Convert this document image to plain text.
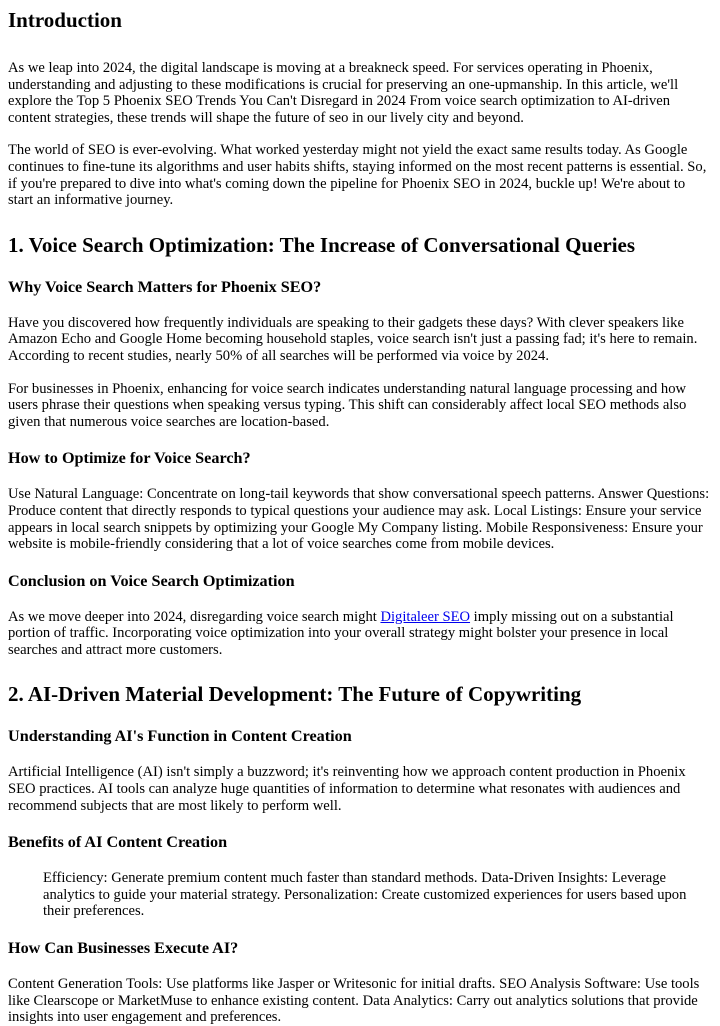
Introduction

As we leap into 2024, the digital landscape is moving at a breakneck speed. For services operating in Phoenix, understanding and adjusting to these modifications is crucial for preserving an one-upmanship. In this article, we'll explore the Top 5 Phoenix SEO Trends You Can't Disregard in 2024 From voice search optimization to AI-driven content strategies, these trends will shape the future of seo in our lively city and beyond.

The world of SEO is ever-evolving. What worked yesterday might not yield the exact same results today. As Google continues to fine-tune its algorithms and user habits shifts, staying informed on the most recent patterns is essential. So, if you're prepared to dive into what's coming down the pipeline for Phoenix SEO in 2024, buckle up! We're about to start an informative journey.

1. Voice Search Optimization: The Increase of Conversational Queries
Why Voice Search Matters for Phoenix SEO?

Have you discovered how frequently individuals are speaking to their gadgets these days? With clever speakers like Amazon Echo and Google Home becoming household staples, voice search isn't just a passing fad; it's here to remain. According to recent studies, nearly 50% of all searches will be performed via voice by 2024.

For businesses in Phoenix, enhancing for voice search indicates understanding natural language processing and how users phrase their questions when speaking versus typing. This shift can considerably affect local SEO methods also given that numerous voice searches are location-based.

How to Optimize for Voice Search?

Use Natural Language: Concentrate on long-tail keywords that show conversational speech patterns. Answer Questions: Produce content that directly responds to typical questions your audience may ask. Local Listings: Ensure your service appears in local search snippets by optimizing your Google My Company listing. Mobile Responsiveness: Ensure your website is mobile-friendly considering that a lot of voice searches come from mobile devices.

Conclusion on Voice Search Optimization

As we move deeper into 2024, disregarding voice search might Digitaleer SEO imply missing out on a substantial portion of traffic. Incorporating voice optimization into your overall strategy might bolster your presence in local searches and attract more customers.

2. AI-Driven Material Development: The Future of Copywriting
Understanding AI's Function in Content Creation

Artificial Intelligence (AI) isn't simply a buzzword; it's reinventing how we approach content production in Phoenix SEO practices. AI tools can analyze huge quantities of information to determine what resonates with audiences and recommend subjects that are most likely to perform well.

Benefits of AI Content Creation

Efficiency: Generate premium content much faster than standard methods. Data-Driven Insights: Leverage analytics to guide your material strategy. Personalization: Create customized experiences for users based upon their preferences.

How Can Businesses Execute AI?

Content Generation Tools: Use platforms like Jasper or Writesonic for initial drafts. SEO Analysis Software: Use tools like Clearscope or MarketMuse to enhance existing content. Data Analytics: Carry out analytics solutions that provide insights into user engagement and preferences.
